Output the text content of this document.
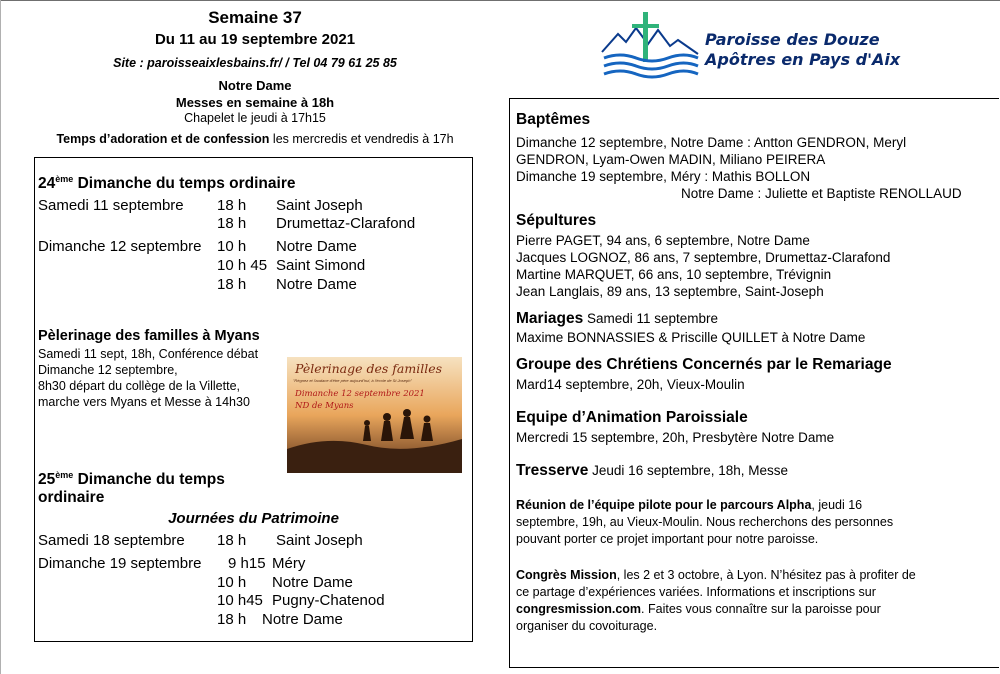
Semaine 37
Du 11 au 19 septembre 2021
Site : paroisseaixlesbains.fr/ / Tel 04 79 61 25 85
Notre Dame
Messes en semaine à 18h
Chapelet le jeudi à 17h15
Temps d’adoration et de confession les mercredis et vendredis à 17h
Paroisse des Douze
Apôtres en Pays d'Aix
24ème Dimanche du temps ordinaire
Samedi 11 septembre 18 h Saint Joseph
18 h Drumettaz-Clarafond
Dimanche 12 septembre 10 h Notre Dame
10 h 45 Saint Simond
18 h Notre Dame
Pèlerinage des familles à Myans
Samedi 11 sept, 18h, Conférence débat
Dimanche 12 septembre,
8h30 départ du collège de la Villette,
marche vers Myans et Messe à 14h30
Pèlerinage des familles
"Régnez et l'audace d'être père aujourd'hui, à l'école de St Joseph"
Dimanche 12 septembre 2021
ND de Myans
25ème Dimanche du temps
ordinaire
Journées du Patrimoine
Samedi 18 septembre 18 h Saint Joseph
Dimanche 19 septembre 9 h15 Méry
10 h Notre Dame
10 h45 Pugny-Chatenod
18 h Notre Dame
Baptêmes
Dimanche 12 septembre, Notre Dame : Antton GENDRON, Meryl
GENDRON, Lyam-Owen MADIN, Miliano PEIRERA
Dimanche 19 septembre, Méry : Mathis BOLLON
Notre Dame : Juliette et Baptiste RENOLLAUD
Sépultures
Pierre PAGET, 94 ans, 6 septembre, Notre Dame
Jacques LOGNOZ, 86 ans, 7 septembre, Drumettaz-Clarafond
Martine MARQUET, 66 ans, 10 septembre, Trévignin
Jean Langlais, 89 ans, 13 septembre, Saint-Joseph
Mariages Samedi 11 septembre
Maxime BONNASSIES & Priscille QUILLET à Notre Dame
Groupe des Chrétiens Concernés par le Remariage
Mard14 septembre, 20h, Vieux-Moulin
Equipe d’Animation Paroissiale
Mercredi 15 septembre, 20h, Presbytère Notre Dame
Tresserve Jeudi 16 septembre, 18h, Messe
Réunion de l’équipe pilote pour le parcours Alpha, jeudi 16
septembre, 19h, au Vieux-Moulin. Nous recherchons des personnes
pouvant porter ce projet important pour notre paroisse.
Congrès Mission, les 2 et 3 octobre, à Lyon. N’hésitez pas à profiter de
ce partage d’expériences variées. Informations et inscriptions sur
congresmission.com. Faites vous connaître sur la paroisse pour
organiser du covoiturage.
